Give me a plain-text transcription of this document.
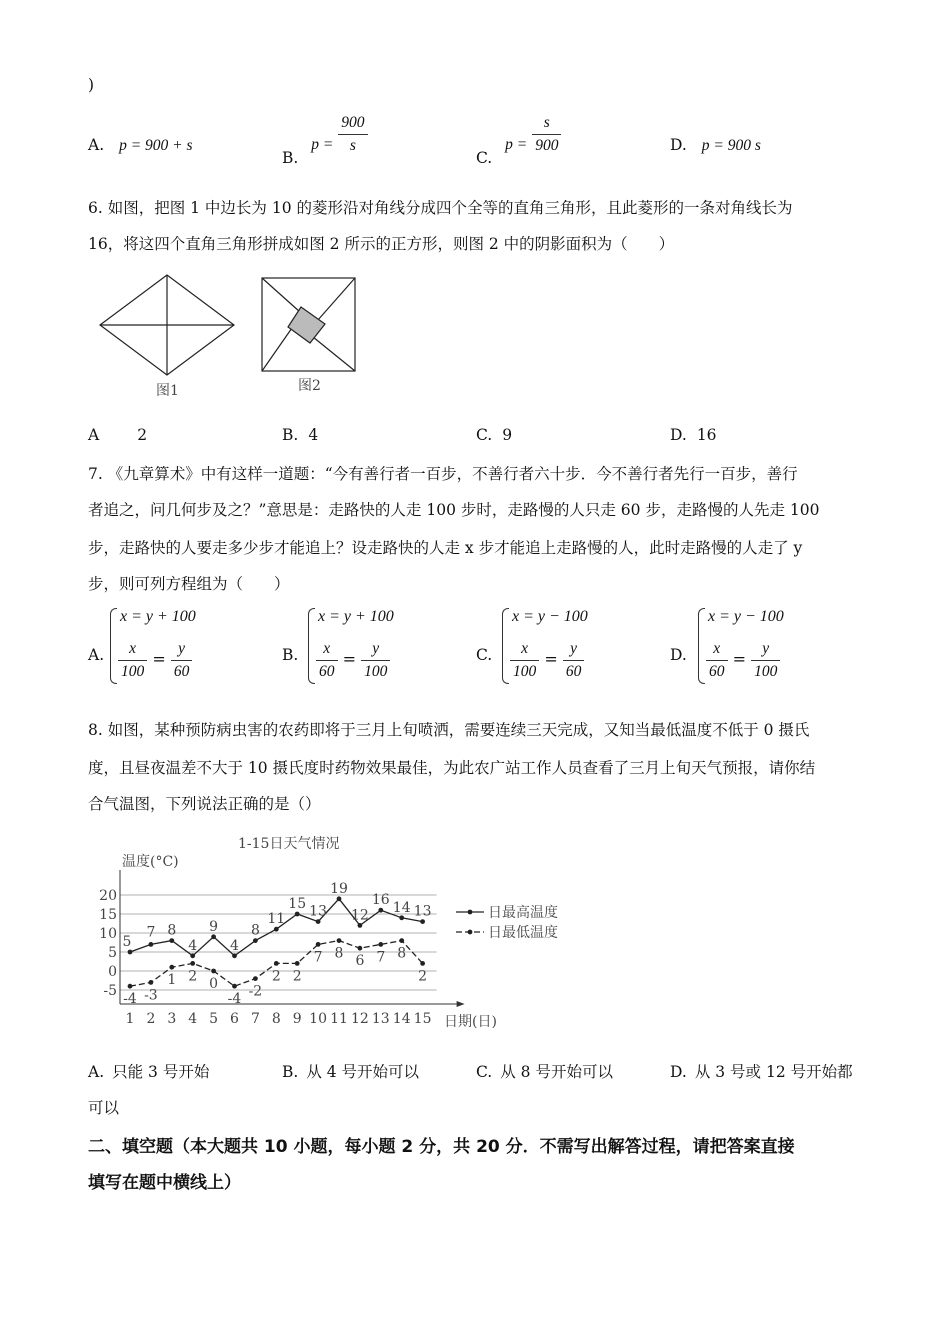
)
A. p = 900 + s
B. $p = \frac{900}{s}$
C. $p = \frac{s}{900}$	D. p = 900 s
6. 如图，把图 1 中边长为 10 的菱形沿对角线分成四个全等的直角三角形，且此菱形的一条对角线长为
16，将这四个直角三角形拼成如图 2 所示的正方形，则图 2 中的阴影面积为（　　）
图1	图2
A 2	B. 4	C. 9	D. 16
7. 《九章算术》中有这样一道题：“今有善行者一百步，不善行者六十步．今不善行者先行一百步，善行
者追之，问几何步及之？”意思是：走路快的人走 100 步时，走路慢的人只走 60 步，走路慢的人先走 100
步，走路快的人要走多少步才能追上？设走路快的人走 x 步才能追上走路慢的人，此时走路慢的人走了 y
步，则可列方程组为（　　）
A.
x = y + 100
$\frac{x}{100} = \frac{y}{60}$	B.
x = y + 100
$\frac{x}{60} = \frac{y}{100}$	C.
x = y − 100
$\frac{x}{100} = \frac{y}{60}$	D.
x = y − 100
$\frac{x}{60} = \frac{y}{100}$
8. 如图，某种预防病虫害的农药即将于三月上旬喷洒，需要连续三天完成，又知当最低温度不低于 0 摄氏
度，且昼夜温差不大于 10 摄氏度时药物效果最佳，为此农广站工作人员查看了三月上旬天气预报，请你结
合气温图，下列说法正确的是（）
1-15日天气情况
温度(°C)
20
15
10
5
0
-5
1 2 3 4 5 6 7 8 9 10 11 12 13 14 15
5
8
4
9
4
8
11
15 13
19
12
16 14 13
7
-4 -3
1 2 0
-4 -2
2 2
7 8 6 7 8
2
日最高温度
日最低温度
日期(日)
A. 只能 3 号开始	B. 从 4 号开始可以	C. 从 8 号开始可以	D. 从 3 号或 12 号开始都
可以
二、填空题（本大题共 10 小题，每小题 2 分，共 20 分．不需写出解答过程，请把答案直接
填写在题中横线上）
